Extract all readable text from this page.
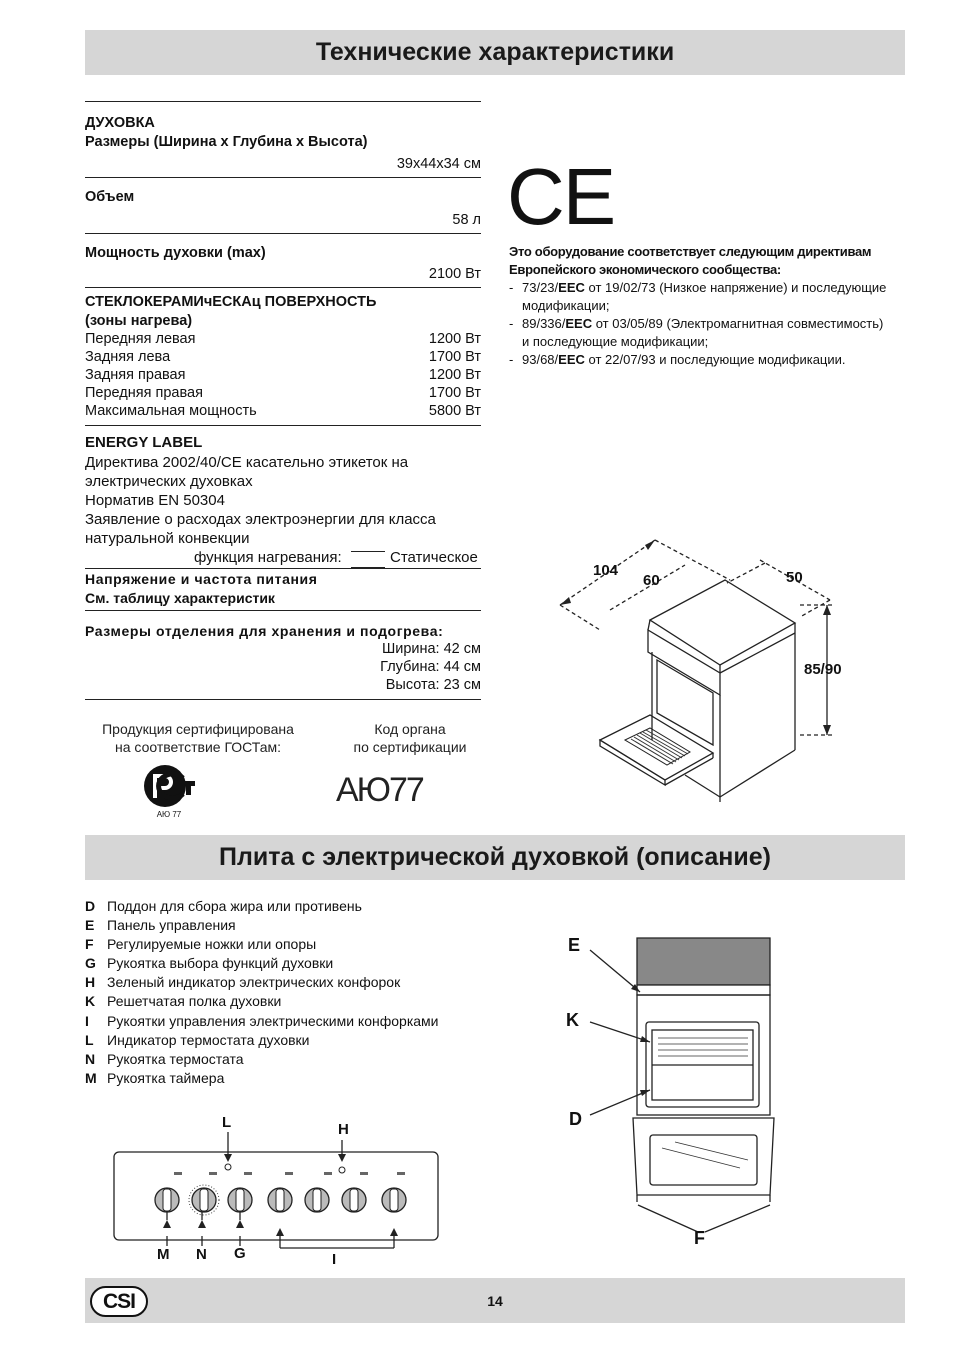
Технические характеристики
ДУХОВКА
Размеры (Ширина х Глубина х Высота)
39x44x34 см
Объем
58 л
Мощность духовки (max)
2100 Вт
СТЕКЛОКЕРАМИчЕСКАц ПОВЕРХНОСТЬ
(зоны нагрева)
Передняя левая	1200 Вт
Задняя лева	1700 Вт
Задняя правая	1200 Вт
Передняя правая	1700 Вт
Максимальная мощность	5800 Вт
ENERGY LABEL
Директива 2002/40/CE касательно этикеток на
электрических духовках
Норматив EN 50304
Заявление о расходах электроэнергии для класса
натуральной конвекции
функция нагревания:	Статическое
Напряжение и частота питания
См. таблицу характеристик
Размеры отделения для хранения и подогрева:
Ширина: 42 см
Глубина: 44 см
Высота: 23 см
Продукция сертифицирована
на соответствие ГОСТам:
Код органа
по сертификации
АЮ 77
АЮ77
CE
Это оборудование соответствует следующим директивам
Европейского экономического сообщества:
- 73/23/EEC от 19/02/73 (Низкое напряжение) и последующие
модификации;
- 89/336/EEC от 03/05/89 (Электромагнитная совместимость)
и последующие модификации;
- 93/68/EEC от 22/07/93 и последующие модификации.
104
60	50
85/90
Плита с электрической духовкой (описание)
D Поддон для сбора жира или противень
E Панель управления
F Регулируемые ножки или опоры
G Рукоятка выбора функций духовки
H Зеленый индикатор электрических конфорок
K Решетчатая полка духовки
I Рукоятки управления электрическими конфорками
L Индикатор термостата духовки
N Рукоятка термостата
M Рукоятка таймера
L	H
M N G	I
E
K
D
F
CSI	14
